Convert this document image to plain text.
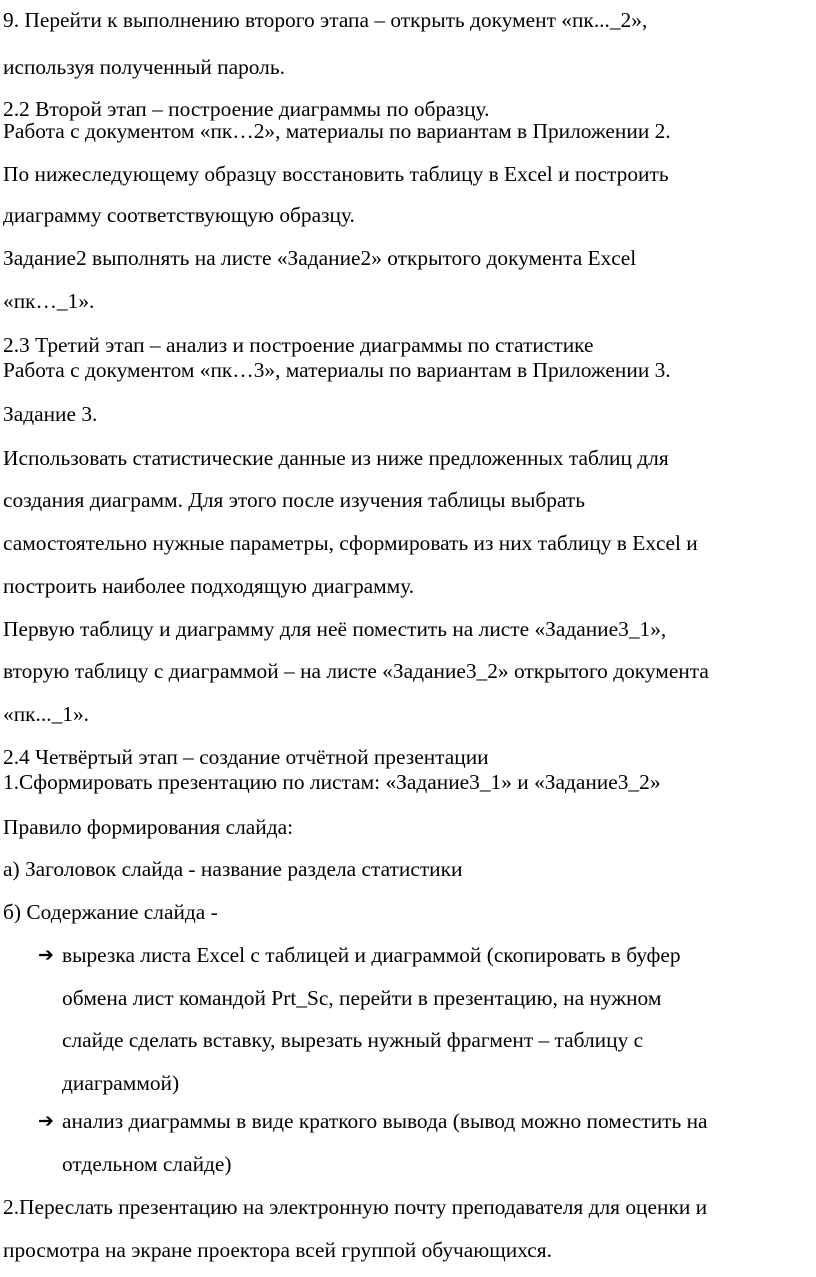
9. Перейти к выполнению второго этапа – открыть документ «пк..._2»,
используя полученный пароль.
2.2 Второй этап – построение диаграммы по образцу.
Работа с документом «пк…2», материалы по вариантам в Приложении 2.
По нижеследующему образцу восстановить таблицу в Excel и построить
диаграмму соответствующую образцу.
Задание2 выполнять на листе «Задание2» открытого документа Excel
«пк…_1».
2.3 Третий этап – анализ и построение диаграммы по статистике
Работа с документом «пк…3», материалы по вариантам в Приложении 3.
Задание 3.
Использовать статистические данные из ниже предложенных таблиц для
создания диаграмм. Для этого после изучения таблицы выбрать
самостоятельно нужные параметры, сформировать из них таблицу в Excel и
построить наиболее подходящую диаграмму.
Первую таблицу и диаграмму для неё поместить на листе «Задание3_1»,
вторую таблицу с диаграммой – на листе «Задание3_2» открытого документа
«пк..._1».
2.4 Четвёртый этап – создание отчётной презентации
1.Сформировать презентацию по листам: «Задание3_1» и «Задание3_2»
Правило формирования слайда:
а) Заголовок слайда - название раздела статистики
б) Содержание слайда -
➔ вырезка листа Excel с таблицей и диаграммой (скопировать в буфер
обмена лист командой Prt_Sc, перейти в презентацию, на нужном
слайде сделать вставку, вырезать нужный фрагмент – таблицу с
диаграммой)
➔ анализ диаграммы в виде краткого вывода (вывод можно поместить на
отдельном слайде)
2.Переслать презентацию на электронную почту преподавателя для оценки и
просмотра на экране проектора всей группой обучающихся.
